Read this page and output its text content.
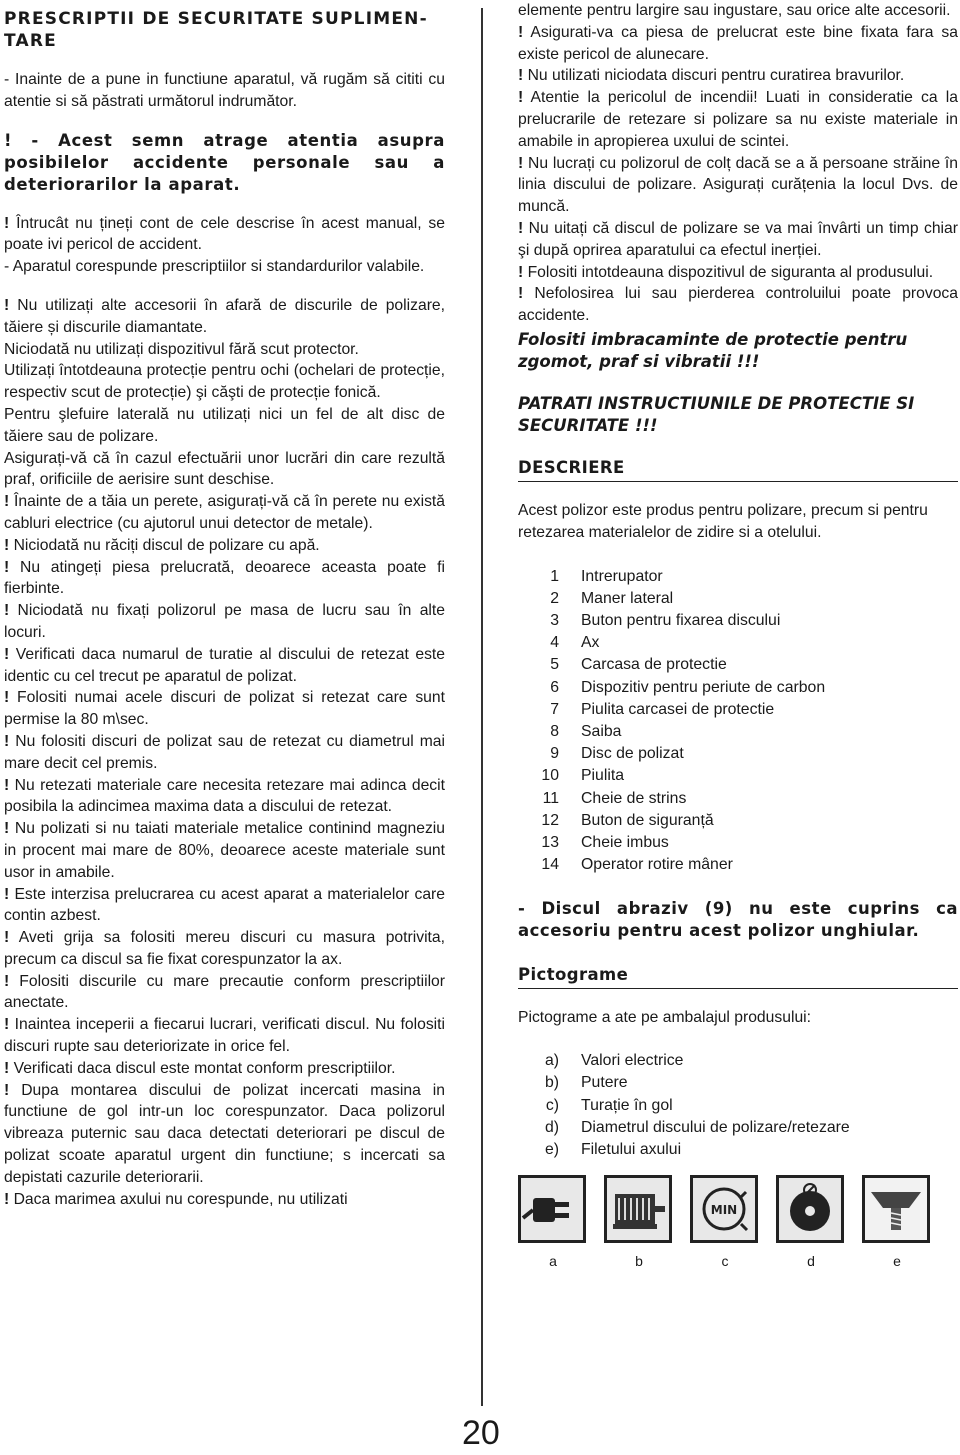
PRESCRIPTII DE SECURITATE SUPLIMEN-TARE

- Inainte de a pune in functiune aparatul, vă rugăm să cititi cu atentie si să păstrati următorul indrumător.

! - Acest semn atrage atentia asupra posibilelor accidente personale sau a deteriorarilor la aparat.

! Întrucât nu țineți cont de cele descrise în acest manual, se poate ivi pericol de accident.

- Aparatul corespunde prescriptiilor si standardurilor valabile.

! Nu utilizați alte accesorii în afară de discurile de polizare, tăiere și discurile diamantate.

Niciodată nu utilizați dispozitivul fără scut protector.

Utilizați întotdeauna protecție pentru ochi (ochelari de protecție, respectiv scut de protecție) şi căşti de protecție fonică.

Pentru şlefuire laterală nu utilizați nici un fel de alt disc de tăiere sau de polizare.

Asigurați-vă că în cazul efectuării unor lucrări din care rezultă praf, orificiile de aerisire sunt deschise.

! Înainte de a tăia un perete, asigurați-vă că în perete nu există cabluri electrice (cu ajutorul unui detector de metale).

! Niciodată nu răciți discul de polizare cu apă.

! Nu atingeți piesa prelucrată, deoarece aceasta poate fi fierbinte.

! Niciodată nu fixați polizorul pe masa de lucru sau în alte locuri.

! Verificati daca numarul de turatie al discului de retezat este identic cu cel trecut pe aparatul de polizat.

! Folositi numai acele discuri de polizat si retezat care sunt permise la 80 m\sec.

! Nu folositi discuri de polizat sau de retezat cu diametrul mai mare decit cel premis.

! Nu retezati materiale care necesita retezare mai adinca decit posibila la adincimea maxima data a discului de retezat.

! Nu polizati si nu taiati materiale metalice continind magneziu in procent mai mare de 80%, deoarece aceste materiale sunt usor in amabile.

! Este interzisa prelucrarea cu acest aparat a materialelor care contin azbest.

! Aveti grija sa folositi mereu discuri cu masura potrivita, precum ca discul sa fie fixat corespunzator la ax.

! Folositi discurile cu mare precautie conform prescriptiilor anectate.

! Inaintea inceperii a fiecarui lucrari, verificati discul. Nu folositi discuri rupte sau deteriorizate in orice fel.

! Verificati daca discul este montat conform prescriptiilor.

! Dupa montarea discului de polizat incercati masina in functiune de gol intr-un loc corespunzator. Daca polizorul vibreaza puternic sau daca detectati deteriorari pe discul de polizat scoate aparatul urgent din functiune; s incercati sa depistati cazurile deteriorarii.

! Daca marimea axului nu corespunde, nu utilizati

elemente pentru largire sau ingustare, sau orice alte accesorii.

! Asigurati-va ca piesa de prelucrat este bine fixata fara sa existe pericol de alunecare.

! Nu utilizati niciodata discuri pentru curatirea bravurilor.

! Atentie la pericolul de incendii! Luati in consideratie ca la prelucrarile de retezare si polizare sa nu existe materiale in amabile in apropierea uxului de scintei.

! Nu lucrați cu polizorul de colț dacă se a ă persoane străine în linia discului de polizare. Asigurați curățenia la locul Dvs. de muncă.

! Nu uitați că discul de polizare se va mai învârti un timp chiar şi după oprirea aparatului ca efectul inerției.

! Folositi intotdeauna dispozitivul de siguranta al produsului.

! Nefolosirea lui sau pierderea controluilui poate provoca accidente.

Folositi imbracaminte de protectie pentru zgomot, praf si vibratii !!!

PATRATI INSTRUCTIUNILE DE PROTECTIE SI SECURITATE !!!

DESCRIERE

Acest polizor este produs pentru polizare, precum si pentru retezarea materialelor de zidire si a otelului.

1	Intrerupator
2	Maner lateral
3	Buton pentru fixarea discului
4	Ax
5	Carcasa de protectie
6	Dispozitiv pentru periute de carbon
7	Piulita carcasei de protectie
8	Saiba
9	Disc de polizat
10	Piulita
11	Cheie de strins
12	Buton de siguranță
13	Cheie imbus
14	Operator rotire mâner

- Discul abraziv (9) nu este cuprins ca accesoriu pentru acest polizor unghiular.

Pictograme

Pictograme a ate pe ambalajul produsului:

a)	Valori electrice
b)	Putere
c)	Turație în gol
d)	Diametrul discului de polizare/retezare
e)	Filetului axului
a	b
MIN
c	d	e
20
